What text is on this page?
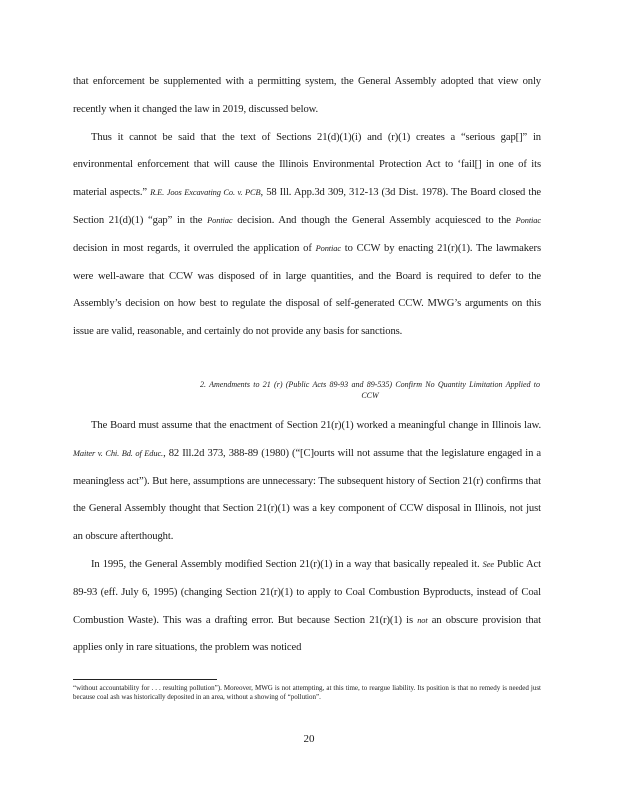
that enforcement be supplemented with a permitting system, the General Assembly adopted that view only recently when it changed the law in 2019, discussed below.

Thus it cannot be said that the text of Sections 21(d)(1)(i) and (r)(1) creates a “serious gap[]” in environmental enforcement that will cause the Illinois Environmental Protection Act to ‘fail[] in one of its material aspects.” R.E. Joos Excavating Co. v. PCB, 58 Ill. App.3d 309, 312-13 (3d Dist. 1978). The Board closed the Section 21(d)(1) “gap” in the Pontiac decision. And though the General Assembly acquiesced to the Pontiac decision in most regards, it overruled the application of Pontiac to CCW by enacting 21(r)(1). The lawmakers were well-aware that CCW was disposed of in large quantities, and the Board is required to defer to the Assembly’s decision on how best to regulate the disposal of self-generated CCW. MWG’s arguments on this issue are valid, reasonable, and certainly do not provide any basis for sanctions.

2. Amendments to 21 (r) (Public Acts 89-93 and 89-535) Confirm No Quantity Limitation Applied to CCW

The Board must assume that the enactment of Section 21(r)(1) worked a meaningful change in Illinois law. Maiter v. Chi. Bd. of Educ., 82 Ill.2d 373, 388-89 (1980) (“[C]ourts will not assume that the legislature engaged in a meaningless act”). But here, assumptions are unnecessary: The subsequent history of Section 21(r) confirms that the General Assembly thought that Section 21(r)(1) was a key component of CCW disposal in Illinois, not just an obscure afterthought.

In 1995, the General Assembly modified Section 21(r)(1) in a way that basically repealed it. See Public Act 89-93 (eff. July 6, 1995) (changing Section 21(r)(1) to apply to Coal Combustion Byproducts, instead of Coal Combustion Waste). This was a drafting error. But because Section 21(r)(1) is not an obscure provision that applies only in rare situations, the problem was noticed

“without accountability for . . . resulting pollution”). Moreover, MWG is not attempting, at this time, to reargue liability. Its position is that no remedy is needed just because coal ash was historically deposited in an area, without a showing of “pollution”.
20
